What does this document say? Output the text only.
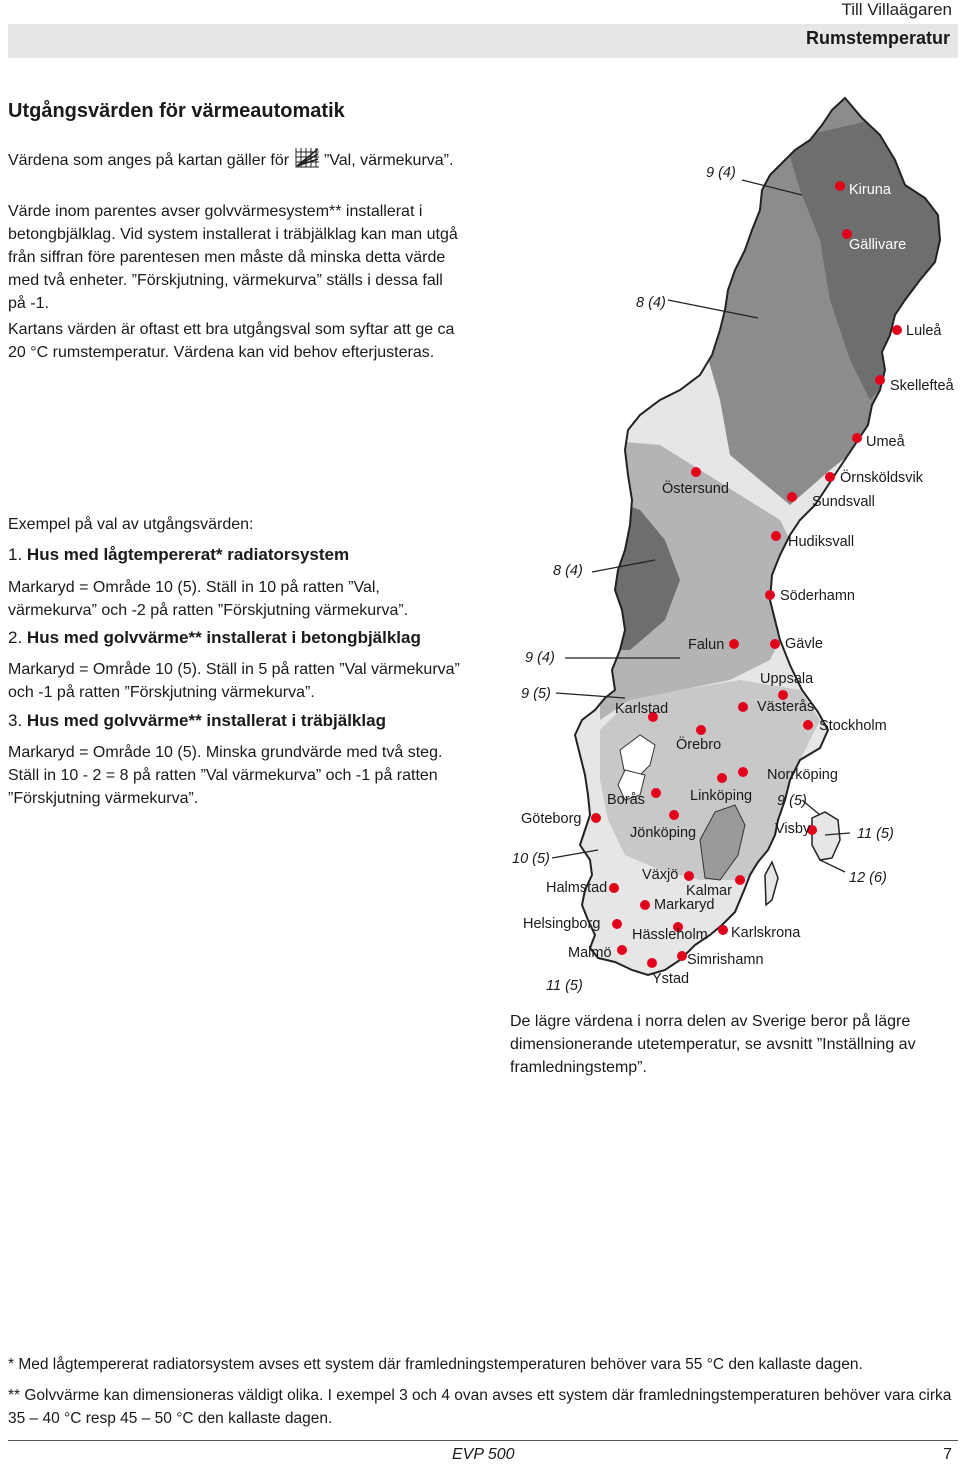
Till Villaägaren
Rumstemperatur
Utgångsvärden för värmeautomatik

Värdena som anges på kartan gäller för  ”Val, värmekurva”.

Värde inom parentes avser golvvärmesystem** installerat i betongbjälklag. Vid system installerat i träbjälklag kan man utgå från siffran före parentesen men måste då minska detta värde med två enheter. ”Förskjutning, värmekurva” ställs i dessa fall på -1.

Kartans värden är oftast ett bra utgångsval som syftar att ge ca 20 °C rumstemperatur. Värdena kan vid behov efterjusteras.

Exempel på val av utgångsvärden:
1. Hus med lågtempererat* radiatorsystem

Markaryd = Område 10 (5). Ställ in 10 på ratten ”Val, värmekurva” och -2 på ratten ”Förskjutning värmekurva”.

2. Hus med golvvärme** installerat i betongbjälklag

Markaryd = Område 10 (5). Ställ in 5 på ratten ”Val värmekurva” och -1 på ratten ”Förskjutning värmekurva”.

3. Hus med golvvärme** installerat i träbjälklag

Markaryd = Område 10 (5). Minska grundvärde med två steg. Ställ in 10 - 2 = 8 på ratten ”Val värmekurva” och -1 på ratten ”Förskjutning värmekurva”.

9 (4)
8 (4)
8 (4)
9 (4)
9 (5)
10 (5)
11 (5)
9 (5)
11 (5)
12 (6)
Kiruna
Gällivare
Luleå
Skellefteå
Umeå
Örnsköldsvik
Östersund
Sundsvall
Hudiksvall
Söderhamn
Falun	Gävle
Uppsala
Karlstad	Västerås
Stockholm
Örebro
Norrköping
Borås	Linköping
Göteborg
Jönköping	Visby
Växjö
Kalmar
Halmstad
Markaryd
Helsingborg
Hässleholm Karlskrona
Malmö	Simrishamn
Ystad

De lägre värdena i norra delen av Sverige beror på lägre dimensionerande utetemperatur, se avsnitt ”Inställning av framledningstemp”.

* Med lågtempererat radiatorsystem avses ett system där framledningstemperaturen behöver vara 55 °C den kallaste dagen.

** Golvvärme kan dimensioneras väldigt olika. I exempel 3 och 4 ovan avses ett system där framledningstemperaturen behöver vara cirka 35 – 40 °C resp 45 – 50 °C den kallaste dagen.

EVP 500	7
